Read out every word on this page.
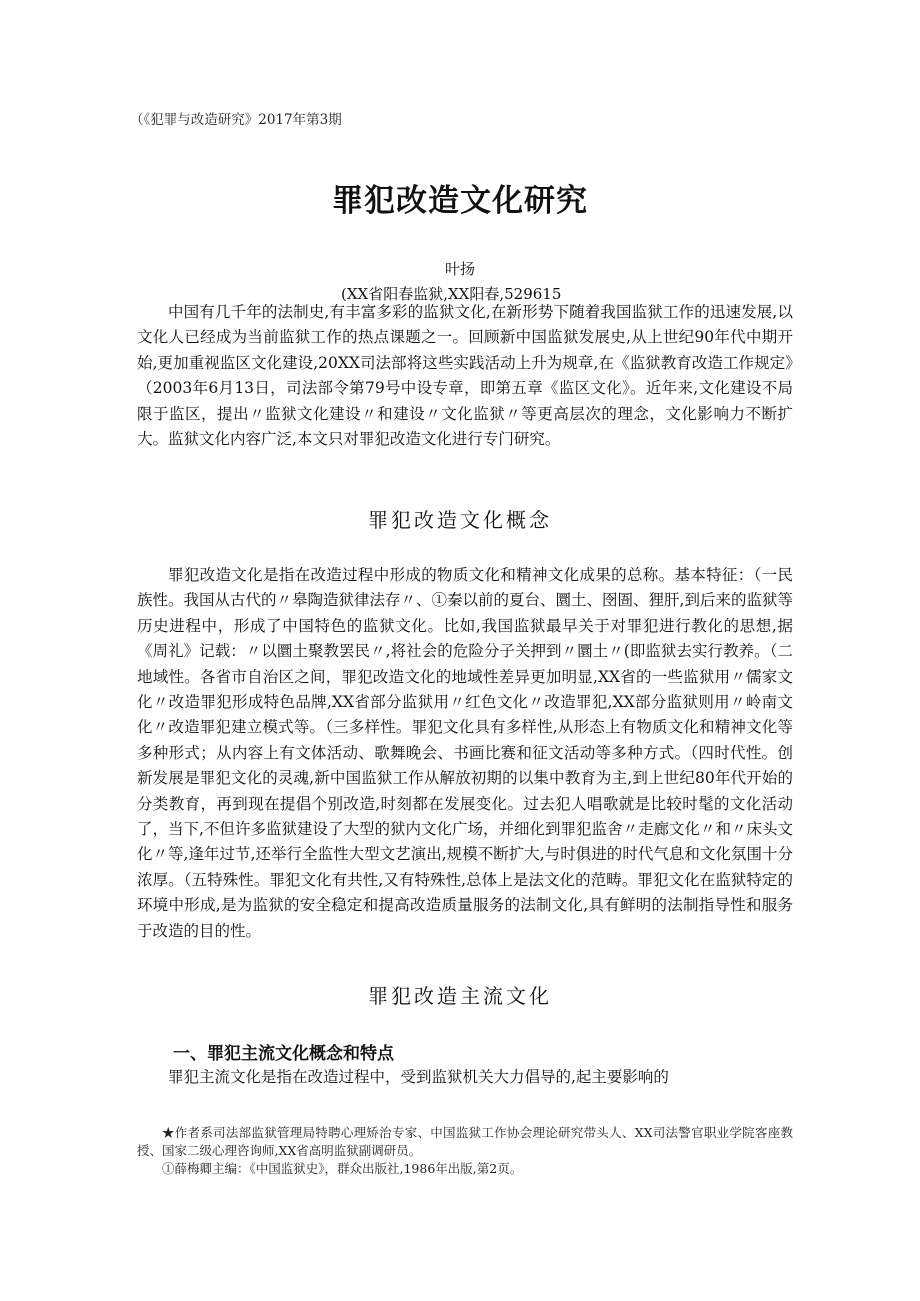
（《犯罪与改造研究》2017年第3期
罪犯改造文化研究
叶扬
(XX省阳春监狱,XX阳春,529615

中国有几千年的法制史,有丰富多彩的监狱文化,在新形势下随着我国监狱工作的迅速发展,以文化人已经成为当前监狱工作的热点课题之一。回顾新中国监狱发展史,从上世纪90年代中期开始,更加重视监区文化建设,20XX司法部将这些实践活动上升为规章,在《监狱教育改造工作规定》（2003年6月13日，司法部令第79号中设专章，即第五章《监区文化》。近年来,文化建设不局限于监区，提出〃监狱文化建设〃和建设〃文化监狱〃等更高层次的理念，文化影响力不断扩大。监狱文化内容广泛,本文只对罪犯改造文化进行专门研究。

罪犯改造文化概念

罪犯改造文化是指在改造过程中形成的物质文化和精神文化成果的总称。基本特征：（一民族性。我国从古代的〃皋陶造狱律法存〃、①秦以前的夏台、圜土、囹圄、狸肝,到后来的监狱等历史进程中，形成了中国特色的监狱文化。比如,我国监狱最早关于对罪犯进行教化的思想,据《周礼》记载：〃以圜土聚教罢民〃,将社会的危险分子关押到〃圜土〃(即监狱去实行教养。（二地域性。各省市自治区之间，罪犯改造文化的地域性差异更加明显,XX省的一些监狱用〃儒家文化〃改造罪犯形成特色品牌,XX省部分监狱用〃红色文化〃改造罪犯,XX部分监狱则用〃岭南文化〃改造罪犯建立模式等。（三多样性。罪犯文化具有多样性,从形态上有物质文化和精神文化等多种形式；从内容上有文体活动、歌舞晚会、书画比赛和征文活动等多种方式。（四时代性。创新发展是罪犯文化的灵魂,新中国监狱工作从解放初期的以集中教育为主,到上世纪80年代开始的分类教育，再到现在提倡个别改造,时刻都在发展变化。过去犯人唱歌就是比较时髦的文化活动了，当下,不但许多监狱建设了大型的狱内文化广场，并细化到罪犯监舍〃走廊文化〃和〃床头文化〃等,逢年过节,还举行全监性大型文艺演出,规模不断扩大,与时俱进的时代气息和文化氛围十分浓厚。（五特殊性。罪犯文化有共性,又有特殊性,总体上是法文化的范畴。罪犯文化在监狱特定的环境中形成,是为监狱的安全稳定和提高改造质量服务的法制文化,具有鲜明的法制指导性和服务于改造的目的性。

罪犯改造主流文化
一、罪犯主流文化概念和特点

罪犯主流文化是指在改造过程中，受到监狱机关大力倡导的,起主要影响的

★作者系司法部监狱管理局特聘心理矫治专家、中国监狱工作协会理论研究带头人、XX司法警官职业学院客座教授、国家二级心理咨询师,XX省高明监狱副调研员。

①薛梅卿主编：《中国监狱史》，群众出版社,1986年出版,第2页。
